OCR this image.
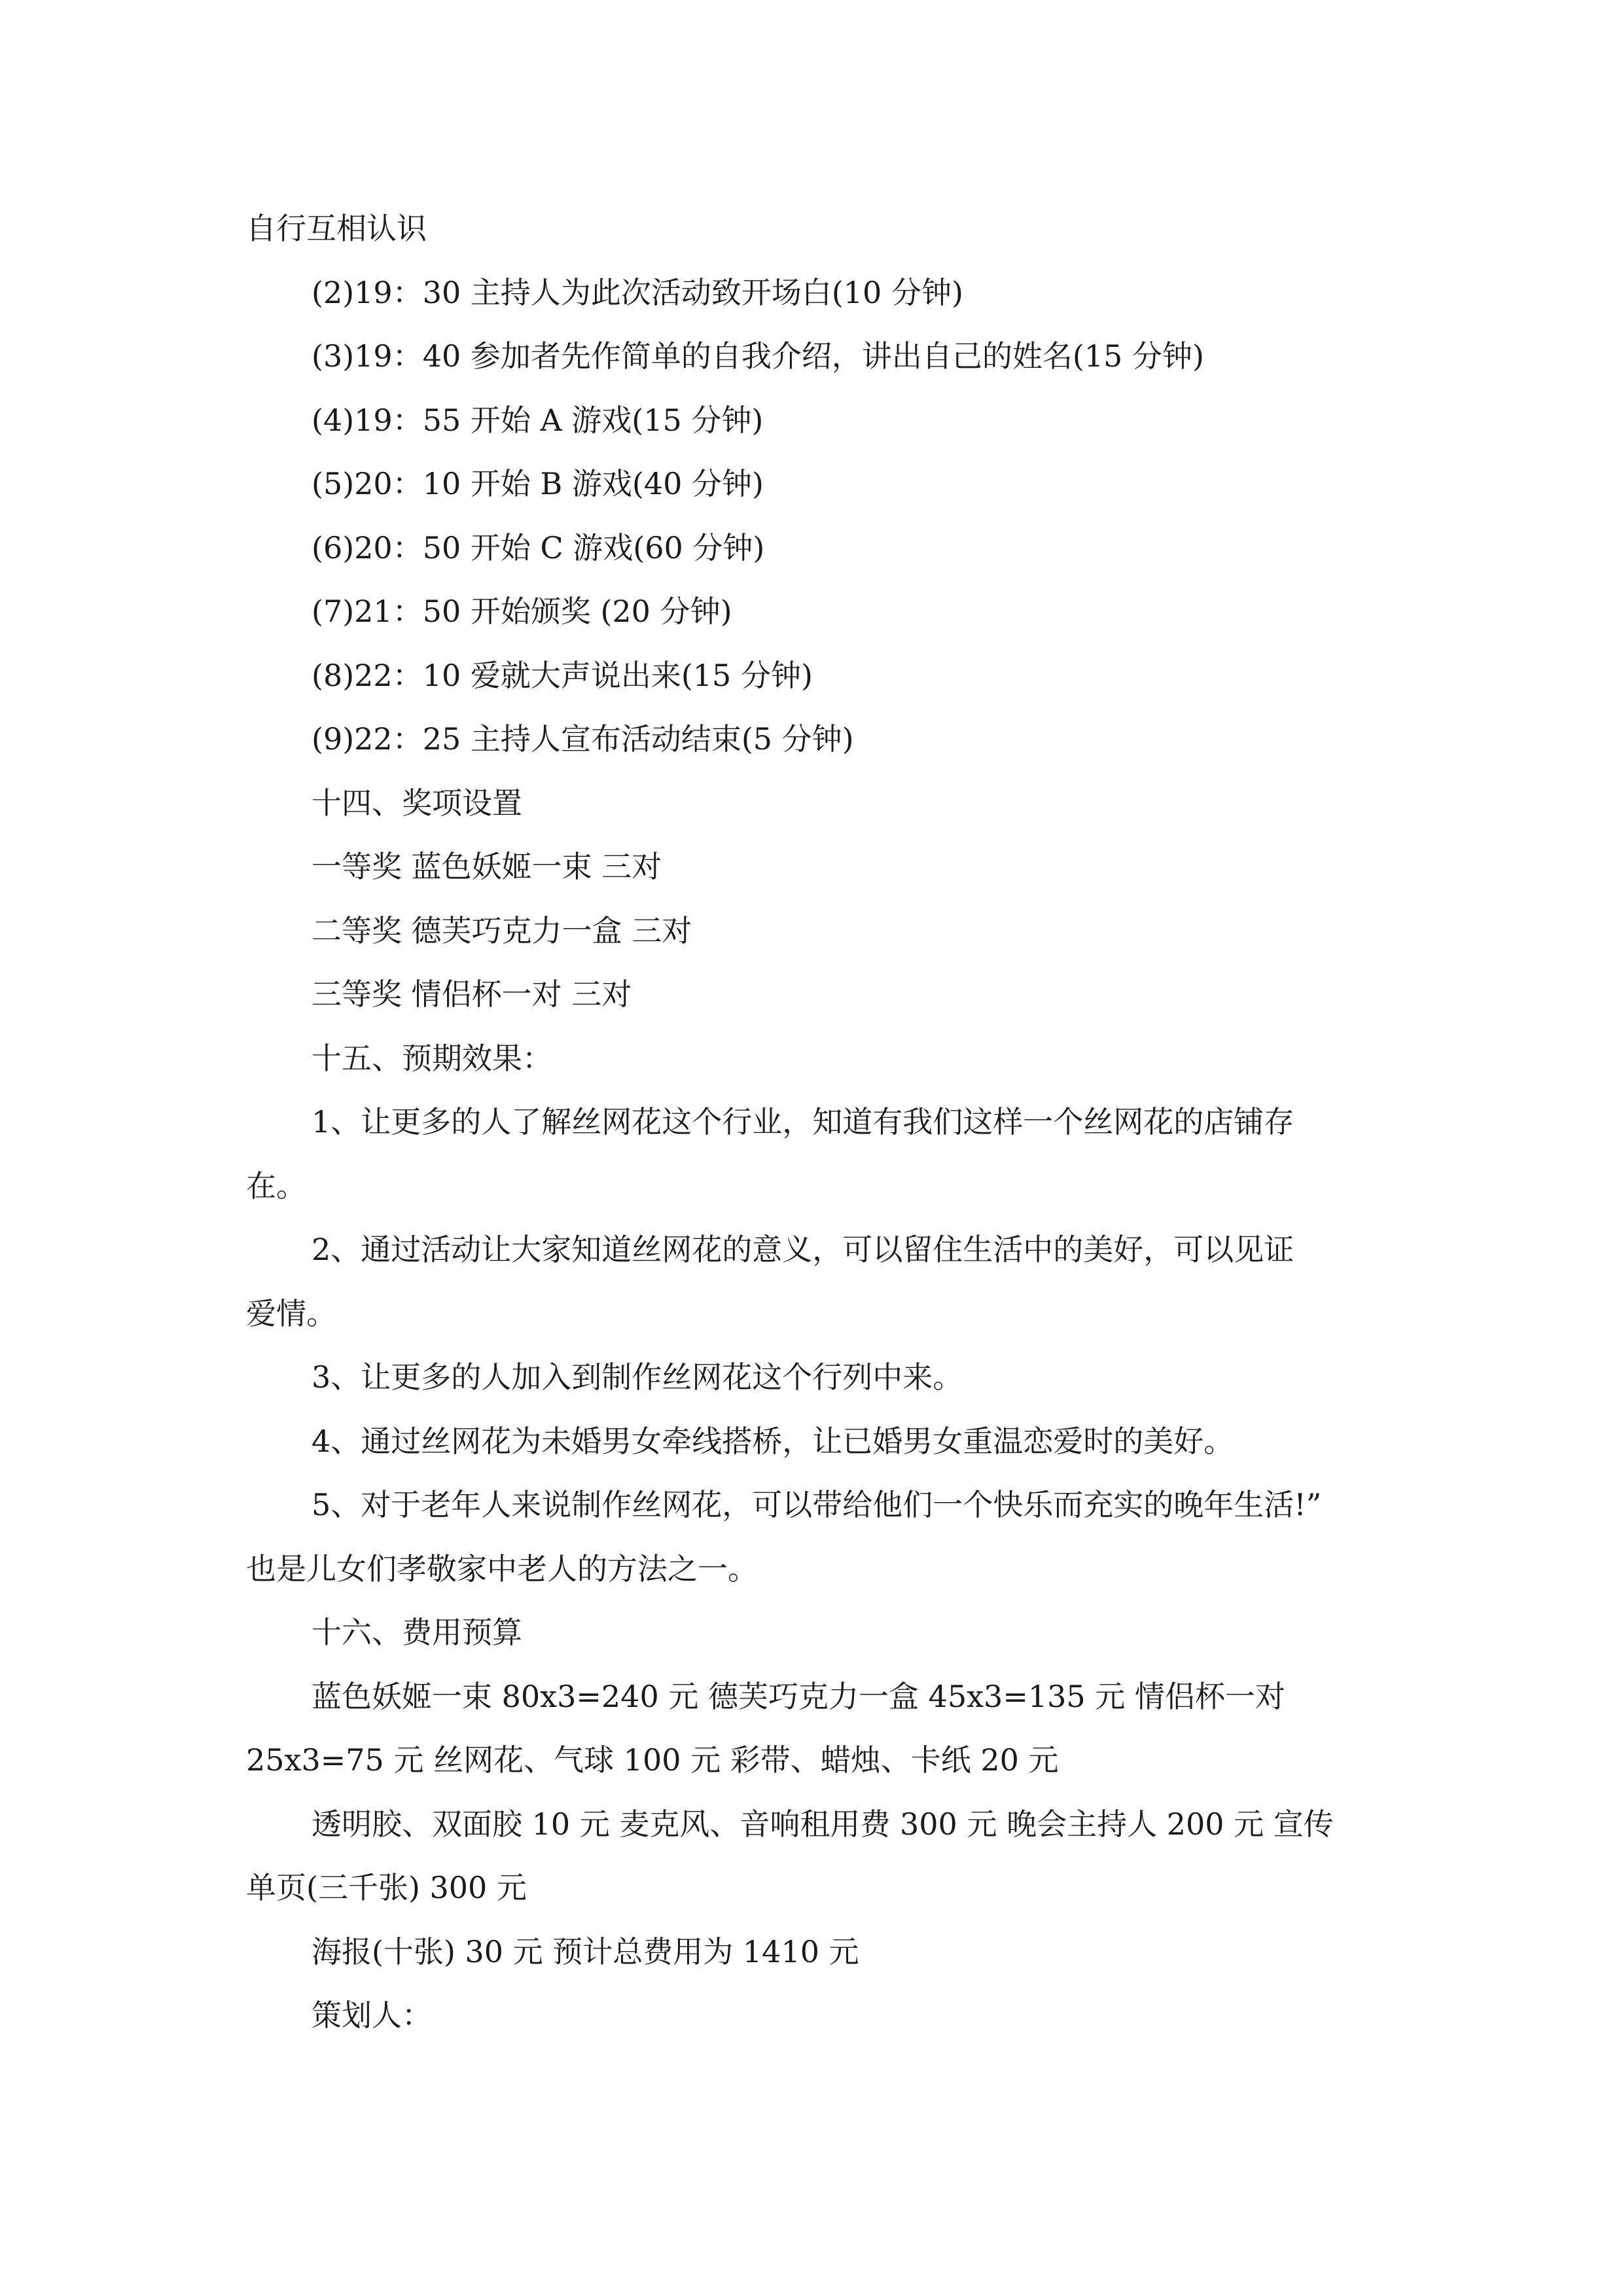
自行互相认识
(2)19：30 主持人为此次活动致开场白(10 分钟)
(3)19：40 参加者先作简单的自我介绍，讲出自己的姓名(15 分钟)
(4)19：55 开始 A 游戏(15 分钟)
(5)20：10 开始 B 游戏(40 分钟)
(6)20：50 开始 C 游戏(60 分钟)
(7)21：50 开始颁奖 (20 分钟)
(8)22：10 爱就大声说出来(15 分钟)
(9)22：25 主持人宣布活动结束(5 分钟)
十四、奖项设置
一等奖 蓝色妖姬一束 三对
二等奖 德芙巧克力一盒 三对
三等奖 情侣杯一对 三对
十五、预期效果：
1、让更多的人了解丝网花这个行业，知道有我们这样一个丝网花的店铺存
在。
2、通过活动让大家知道丝网花的意义，可以留住生活中的美好，可以见证
爱情。
3、让更多的人加入到制作丝网花这个行列中来。
4、通过丝网花为未婚男女牵线搭桥，让已婚男女重温恋爱时的美好。
5、对于老年人来说制作丝网花，可以带给他们一个快乐而充实的晚年生活!”
也是儿女们孝敬家中老人的方法之一。
十六、费用预算
蓝色妖姬一束 80x3=240 元 德芙巧克力一盒 45x3=135 元 情侣杯一对
25x3=75 元 丝网花、气球 100 元 彩带、蜡烛、卡纸 20 元
透明胶、双面胶 10 元 麦克风、音响租用费 300 元 晚会主持人 200 元 宣传
单页(三千张) 300 元
海报(十张) 30 元 预计总费用为 1410 元
策划人：
